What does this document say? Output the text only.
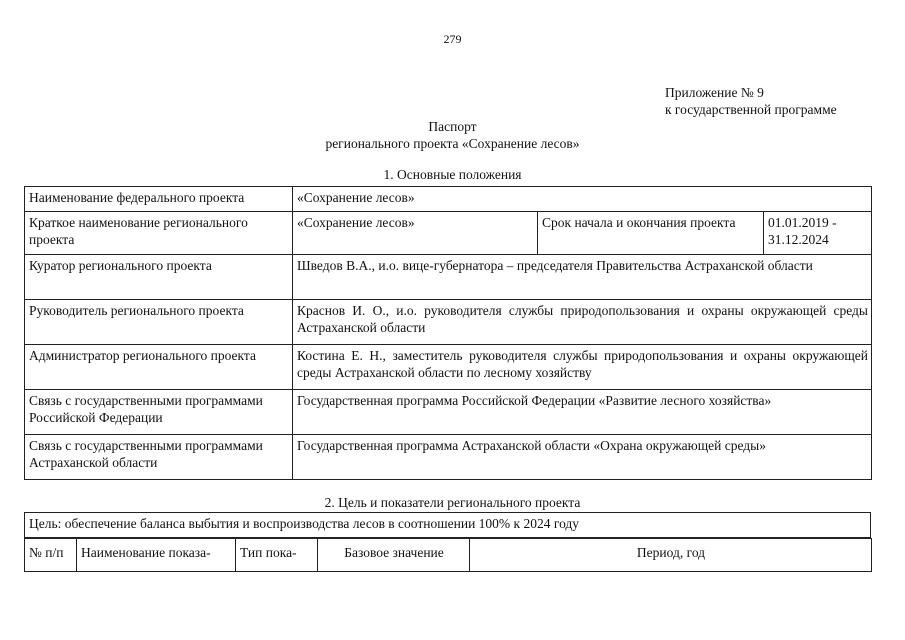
279
Приложение № 9
к государственной программе
Паспорт
регионального проекта «Сохранение лесов»
1. Основные положения
Наименование федерального проекта	«Сохранение лесов»		
Краткое наименование регионального проекта	«Сохранение лесов»	Срок начала и окончания проекта	01.01.2019 - 31.12.2024
Куратор регионального проекта	Шведов В.А., и.о. вице-губернатора – председателя Правительства Астраханской области		
Руководитель регионального проекта	Краснов И. О., и.о. руководителя службы природопользования и охраны окружающей среды Астраханской области		
Администратор регионального проекта	Костина Е. Н., заместитель руководителя службы природопользования и охраны окружающей среды Астраханской области по лесному хозяйству		
Связь с государственными программами Российской Федерации	Государственная программа Российской Федерации «Развитие лесного хозяйства»		
Связь с государственными программами Астраханской области	Государственная программа Астраханской области «Охрана окружающей среды»		
2. Цель и показатели регионального проекта
Цель: обеспечение баланса выбытия и воспроизводства лесов в соотношении 100% к 2024 году
№ п/п	Наименование показа-	Тип пока-	Базовое значение	Период, год
